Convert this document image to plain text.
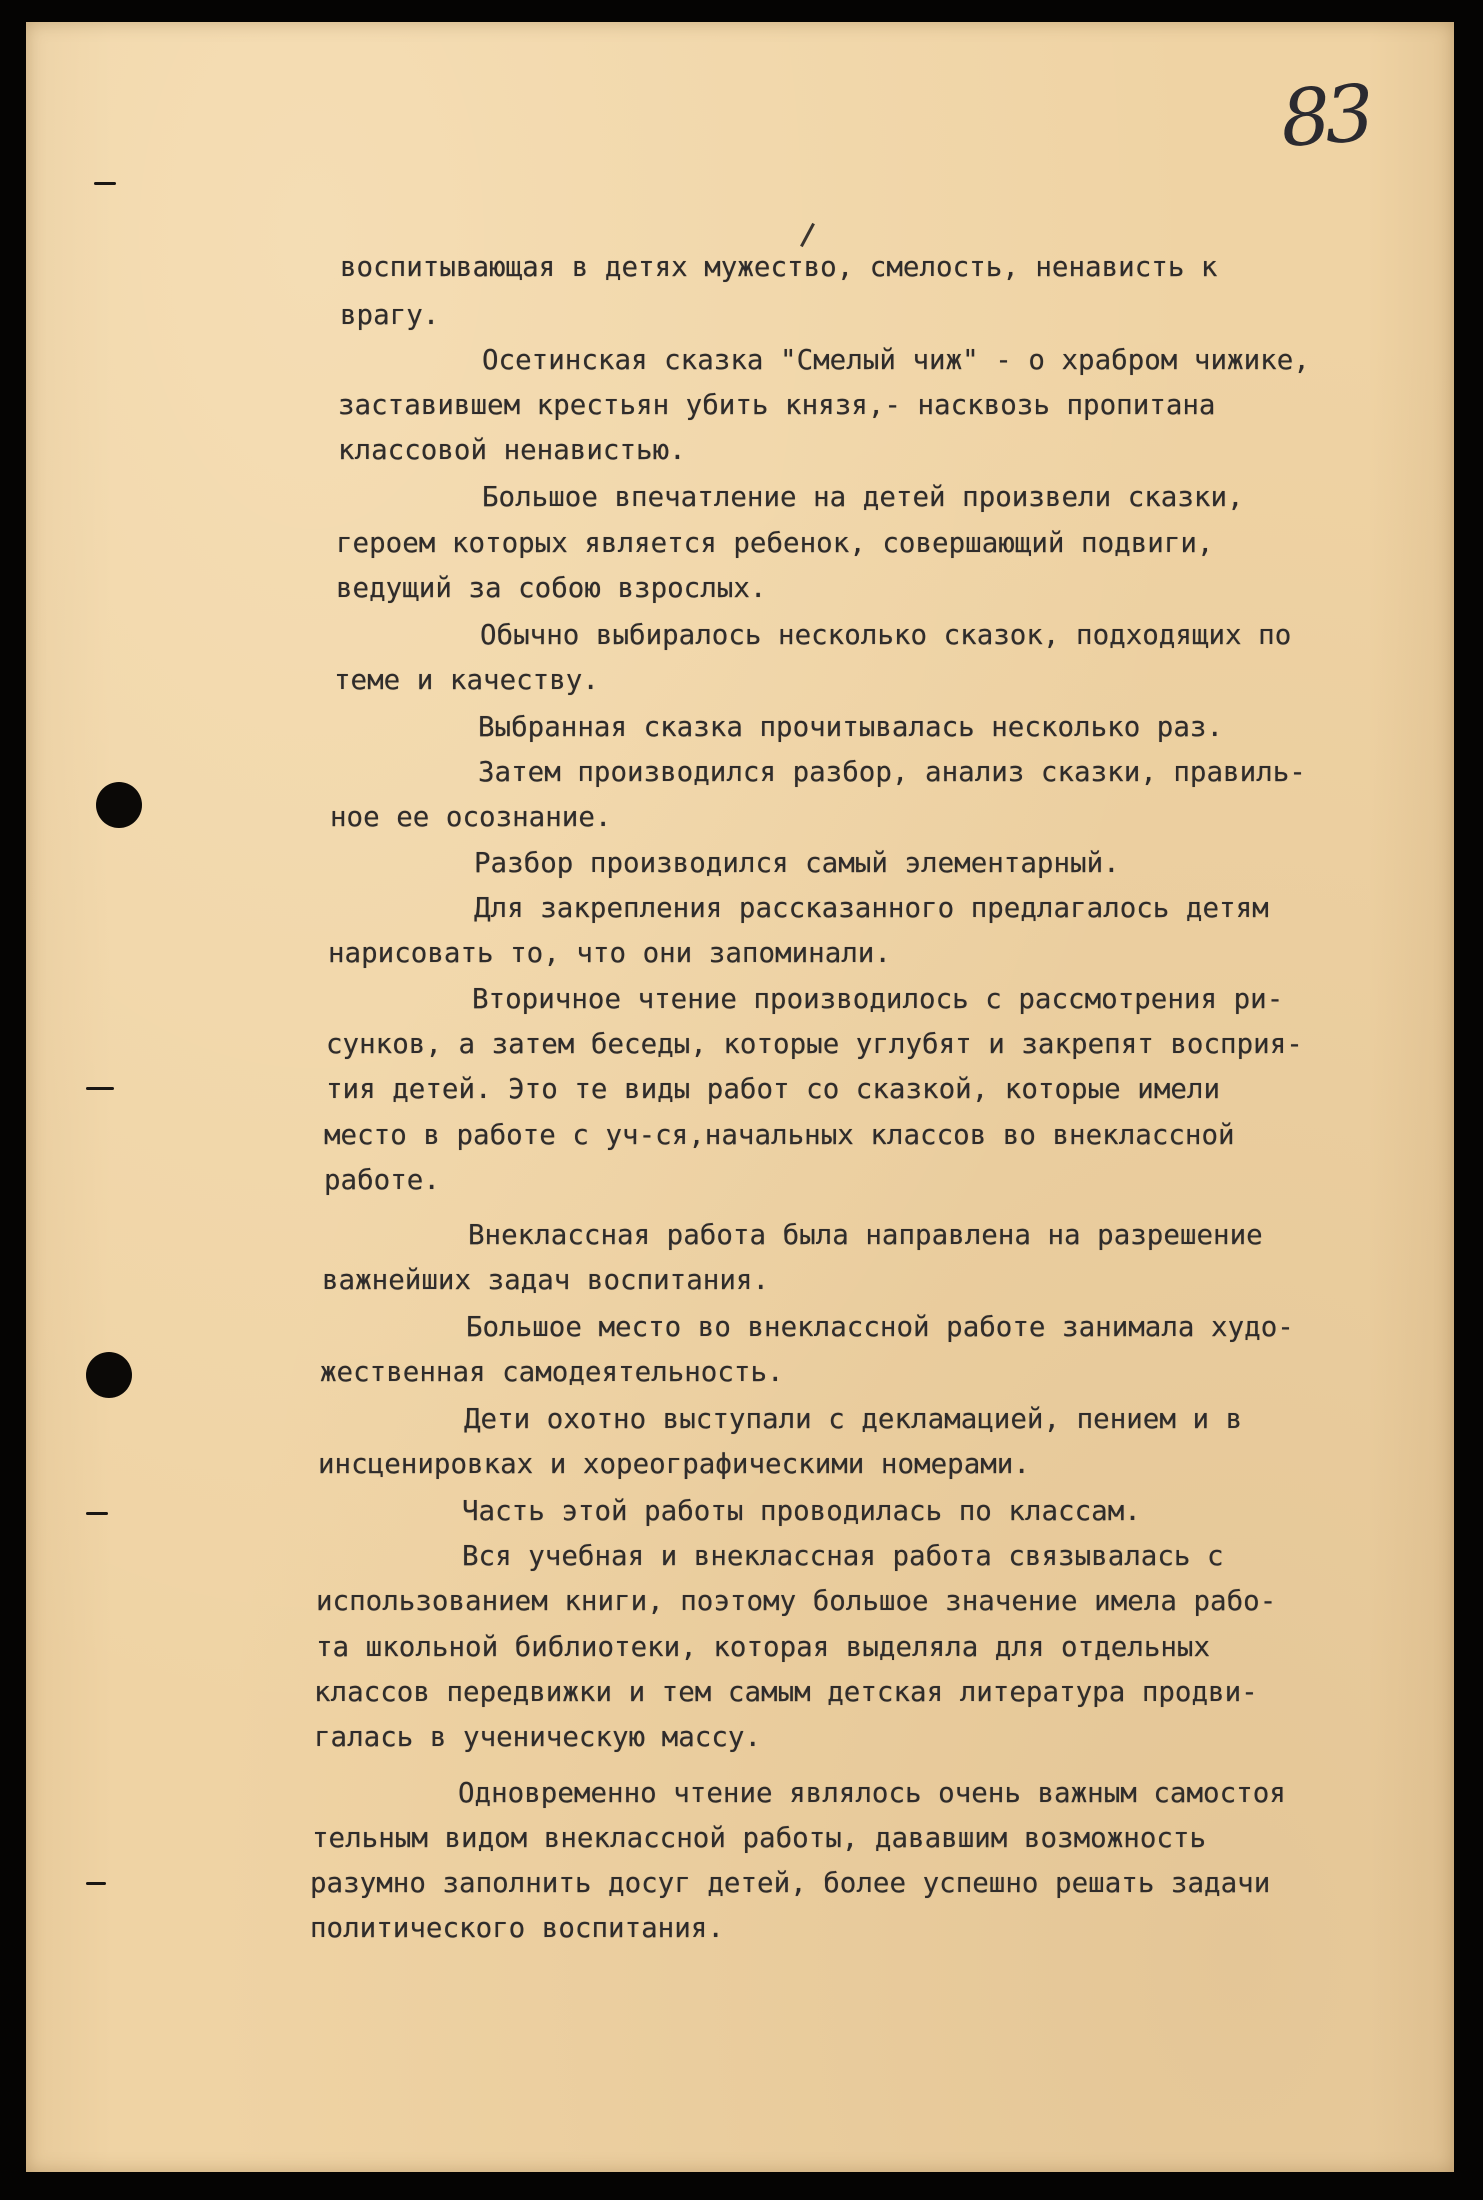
83
воспитывающая в детях мужество, смелость, ненависть к
врагу.
Осетинская сказка "Смелый чиж" - о храбром чижике,
заставившем крестьян убить князя,- насквозь пропитана
классовой ненавистью.
Большое впечатление на детей произвели сказки,
героем которых является ребенок, совершающий подвиги,
ведущий за собою взрослых.
Обычно выбиралось несколько сказок, подходящих по
теме и качеству.
Выбранная сказка прочитывалась несколько раз.
Затем производился разбор, анализ сказки, правиль-
ное ее осознание.
Разбор производился самый элементарный.
Для закрепления рассказанного предлагалось детям
нарисовать то, что они запоминали.
Вторичное чтение производилось с рассмотрения ри-
сунков, а затем беседы, которые углубят и закрепят восприя-
тия детей. Это те виды работ со сказкой, которые имели
место в работе с уч-ся,начальных классов во внеклассной
работе.
Внеклассная работа была направлена на разрешение
важнейших задач воспитания.
Большое место во внеклассной работе занимала худо-
жественная самодеятельность.
Дети охотно выступали с декламацией, пением и в
инсценировках и хореографическими номерами.
Часть этой работы проводилась по классам.
Вся учебная и внеклассная работа связывалась с
использованием книги, поэтому большое значение имела рабо-
та школьной библиотеки, которая выделяла для отдельных
классов передвижки и тем самым детская литература продви-
галась в ученическую массу.
Одновременно чтение являлось очень важным самостоя
тельным видом внеклассной работы, дававшим возможность
разумно заполнить досуг детей, более успешно решать задачи
политического воспитания.
